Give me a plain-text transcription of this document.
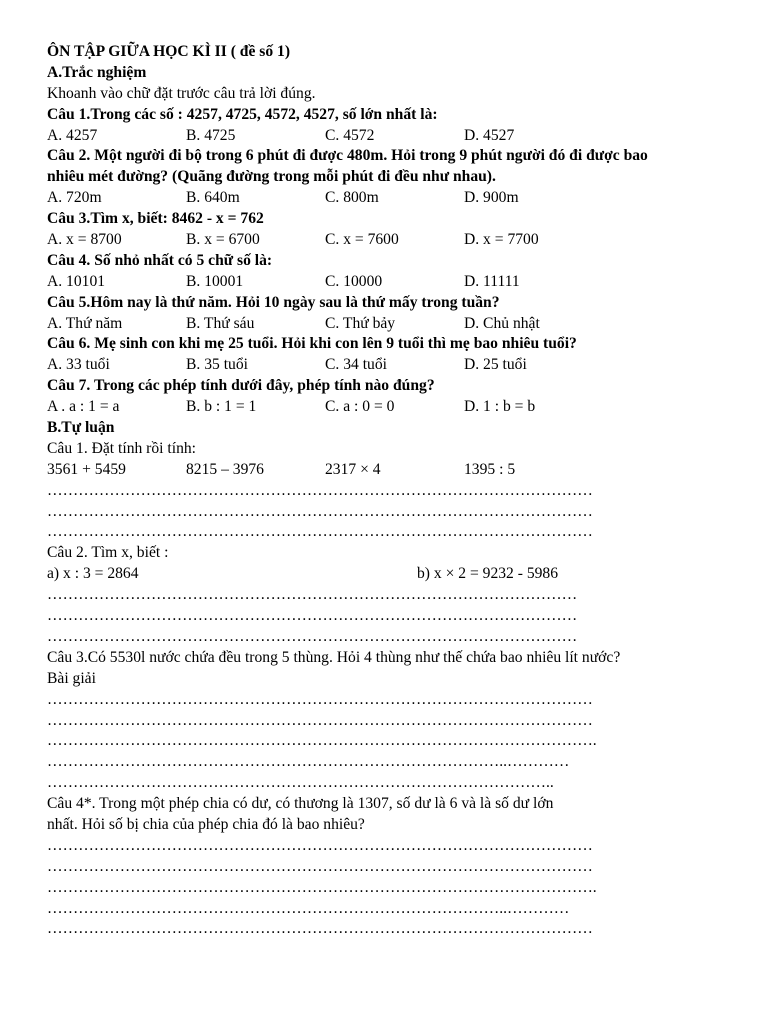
ÔN TẬP GIỮA HỌC KÌ II ( đề số 1)
A.Trắc nghiệm
Khoanh vào chữ đặt trước câu trả lời đúng.
Câu 1.Trong các số : 4257, 4725, 4572, 4527, số lớn nhất là:
A. 4257	B. 4725	C. 4572	D. 4527
Câu 2. Một người đi bộ trong 6 phút đi được 480m. Hỏi trong 9 phút người đó đi được bao
nhiêu mét đường? (Quãng đường trong mỗi phút đi đều như nhau).
A. 720m	B. 640m	C. 800m	D. 900m
Câu 3.Tìm x, biết: 8462 - x = 762
A. x = 8700	B. x = 6700	C. x = 7600	D. x = 7700
Câu 4. Số nhỏ nhất có 5 chữ số là:
A. 10101	B. 10001	C. 10000	D. 11111
Câu 5.Hôm nay là thứ năm. Hỏi 10 ngày sau là thứ mấy trong tuần?
A. Thứ năm	B. Thứ sáu	C. Thứ bảy	D. Chủ nhật
Câu 6. Mẹ sinh con khi mẹ 25 tuổi. Hỏi khi con lên 9 tuổi thì mẹ bao nhiêu tuổi?
A. 33 tuổi	B. 35 tuổi	C. 34 tuổi	D. 25 tuổi
Câu 7. Trong các phép tính dưới đây, phép tính nào đúng?
A . a : 1 = a	B. b : 1 = 1	C. a : 0 = 0	D. 1 : b = b
B.Tự luận
Câu 1. Đặt tính rồi tính:
3561 + 5459	8215 – 3976	2317 × 4	1395 : 5
……………………………………………………………………………………………
……………………………………………………………………………………………
……………………………………………………………………………………………
Câu 2. Tìm x, biết :
a) x : 3 = 2864	b) x × 2 = 9232 - 5986
…………………………………………………………………………………………
…………………………………………………………………………………………
…………………………………………………………………………………………
Câu 3.Có 5530l nước chứa đều trong 5 thùng. Hỏi 4 thùng như thế chứa bao nhiêu lít nước?
Bài giải
……………………………………………………………………………………………
……………………………………………………………………………………………
…………………………………………………………………………………………….
……………………………………………………………………………..…………
……………………………………………………………………………………..
Câu 4*. Trong một phép chia có dư, có thương là 1307, số dư là 6 và là số dư lớn
nhất. Hỏi số bị chia của phép chia đó là bao nhiêu?
……………………………………………………………………………………………
……………………………………………………………………………………………
…………………………………………………………………………………………….
……………………………………………………………………………..…………
……………………………………………………………………………………………
